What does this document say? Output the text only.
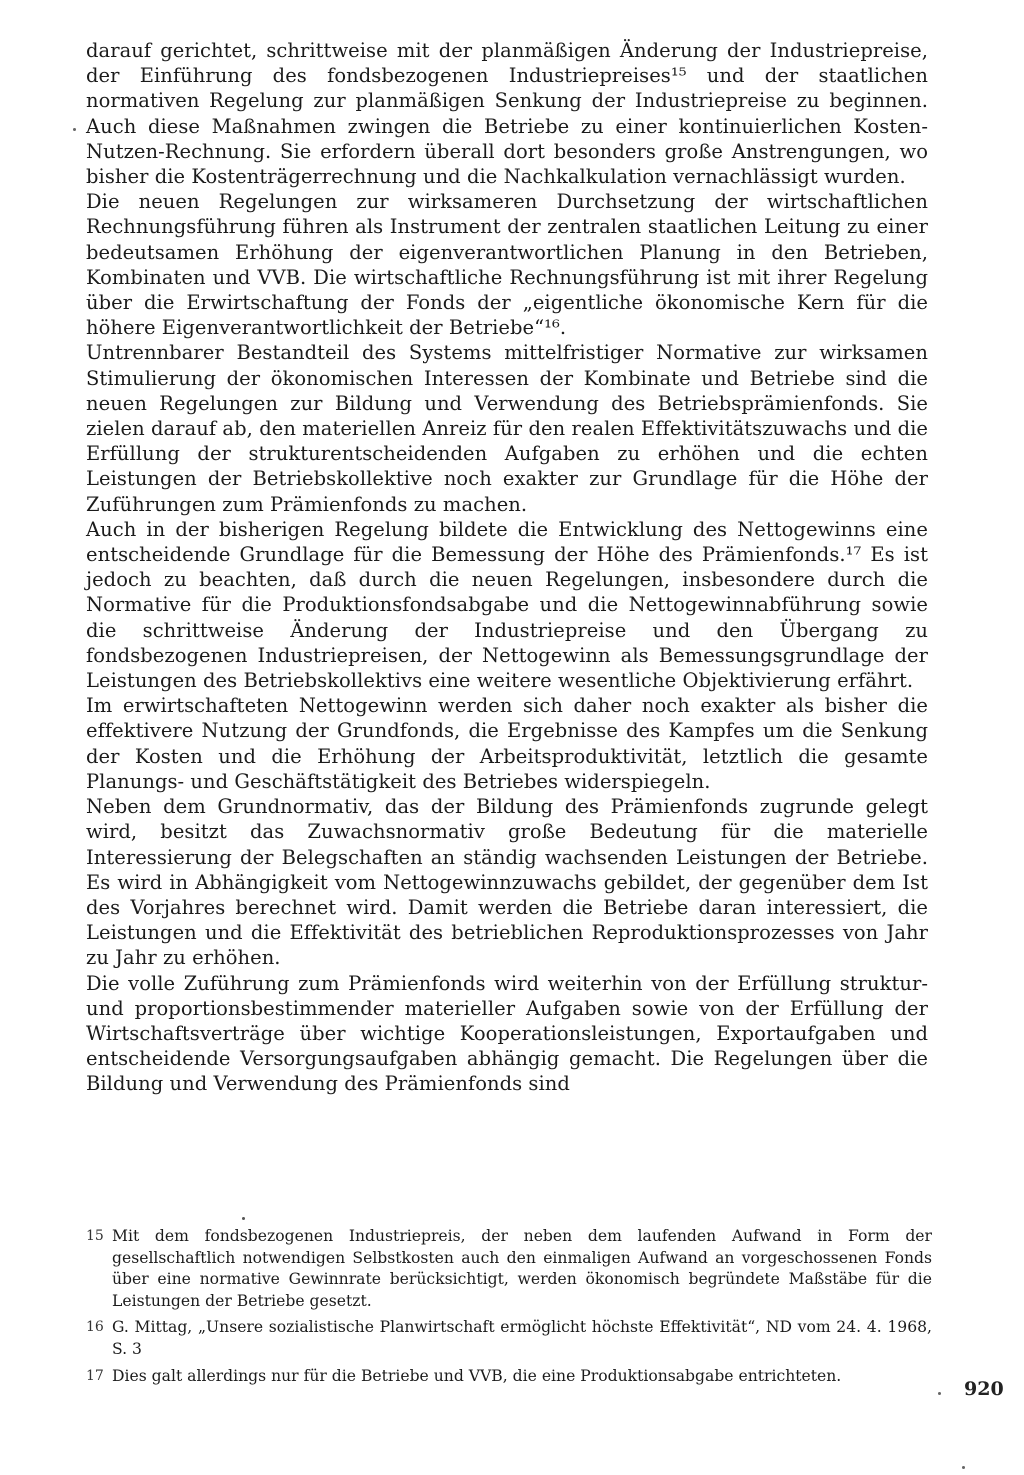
darauf gerichtet, schrittweise mit der planmäßigen Änderung der Industriepreise, der Einführung des fondsbezogenen Industriepreises¹⁵ und der staatlichen normativen Regelung zur planmäßigen Senkung der Industriepreise zu beginnen. Auch diese Maßnahmen zwingen die Betriebe zu einer kontinuierlichen Kosten-Nutzen-Rechnung. Sie erfordern überall dort besonders große Anstrengungen, wo bisher die Kostenträgerrechnung und die Nachkalkulation vernachlässigt wurden.

Die neuen Regelungen zur wirksameren Durchsetzung der wirtschaftlichen Rechnungsführung führen als Instrument der zentralen staatlichen Leitung zu einer bedeutsamen Erhöhung der eigenverantwortlichen Planung in den Betrieben, Kombinaten und VVB. Die wirtschaftliche Rechnungsführung ist mit ihrer Regelung über die Erwirtschaftung der Fonds der „eigentliche ökonomische Kern für die höhere Eigenverantwortlichkeit der Betriebe“¹⁶.

Untrennbarer Bestandteil des Systems mittelfristiger Normative zur wirksamen Stimulierung der ökonomischen Interessen der Kombinate und Betriebe sind die neuen Regelungen zur Bildung und Verwendung des Betriebsprämienfonds. Sie zielen darauf ab, den materiellen Anreiz für den realen Effektivitätszuwachs und die Erfüllung der strukturentscheidenden Aufgaben zu erhöhen und die echten Leistungen der Betriebskollektive noch exakter zur Grundlage für die Höhe der Zuführungen zum Prämienfonds zu machen.

Auch in der bisherigen Regelung bildete die Entwicklung des Nettogewinns eine entscheidende Grundlage für die Bemessung der Höhe des Prämienfonds.¹⁷ Es ist jedoch zu beachten, daß durch die neuen Regelungen, insbesondere durch die Normative für die Produktionsfondsabgabe und die Nettogewinnabführung sowie die schrittweise Änderung der Industriepreise und den Übergang zu fondsbezogenen Industriepreisen, der Nettogewinn als Bemessungsgrundlage der Leistungen des Betriebskollektivs eine weitere wesentliche Objektivierung erfährt.

Im erwirtschafteten Nettogewinn werden sich daher noch exakter als bisher die effektivere Nutzung der Grundfonds, die Ergebnisse des Kampfes um die Senkung der Kosten und die Erhöhung der Arbeitsproduktivität, letztlich die gesamte Planungs- und Geschäftstätigkeit des Betriebes widerspiegeln.

Neben dem Grundnormativ, das der Bildung des Prämienfonds zugrunde gelegt wird, besitzt das Zuwachsnormativ große Bedeutung für die materielle Interessierung der Belegschaften an ständig wachsenden Leistungen der Betriebe. Es wird in Abhängigkeit vom Nettogewinnzuwachs gebildet, der gegenüber dem Ist des Vorjahres berechnet wird. Damit werden die Betriebe daran interessiert, die Leistungen und die Effektivität des betrieblichen Reproduktionsprozesses von Jahr zu Jahr zu erhöhen.

Die volle Zuführung zum Prämienfonds wird weiterhin von der Erfüllung struktur- und proportionsbestimmender materieller Aufgaben sowie von der Erfüllung der Wirtschaftsverträge über wichtige Kooperationsleistungen, Exportaufgaben und entscheidende Versorgungsaufgaben abhängig gemacht. Die Regelungen über die Bildung und Verwendung des Prämienfonds sind

15 Mit dem fondsbezogenen Industriepreis, der neben dem laufenden Aufwand in Form der gesellschaftlich notwendigen Selbstkosten auch den einmaligen Aufwand an vorgeschossenen Fonds über eine normative Gewinnrate berücksichtigt, werden ökonomisch begründete Maßstäbe für die Leistungen der Betriebe gesetzt.
16 G. Mittag, „Unsere sozialistische Planwirtschaft ermöglicht höchste Effektivität“, ND vom 24. 4. 1968, S. 3
17 Dies galt allerdings nur für die Betriebe und VVB, die eine Produktionsabgabe entrichteten.
920
